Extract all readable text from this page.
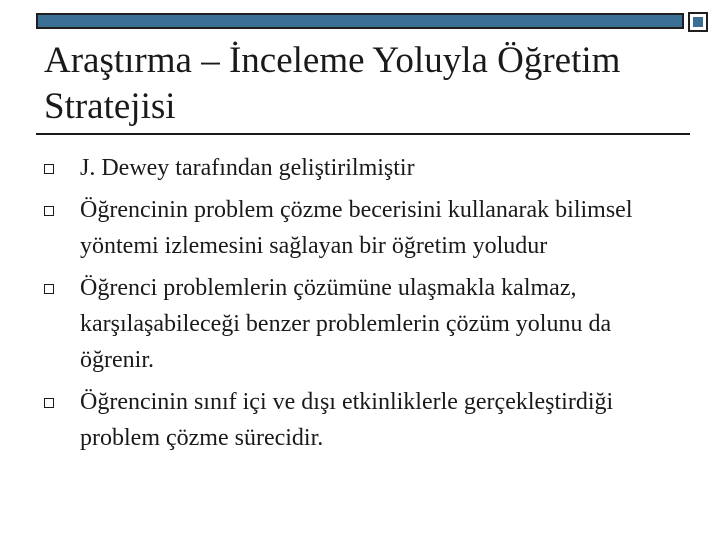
Araştırma – İnceleme Yoluyla Öğretim
Stratejisi
J. Dewey tarafından geliştirilmiştir
Öğrencinin problem çözme becerisini kullanarak bilimsel yöntemi izlemesini sağlayan bir öğretim yoludur
Öğrenci problemlerin çözümüne ulaşmakla kalmaz, karşılaşabileceği benzer problemlerin çözüm yolunu da öğrenir.
Öğrencinin sınıf içi ve dışı etkinliklerle gerçekleştirdiği problem çözme sürecidir.
